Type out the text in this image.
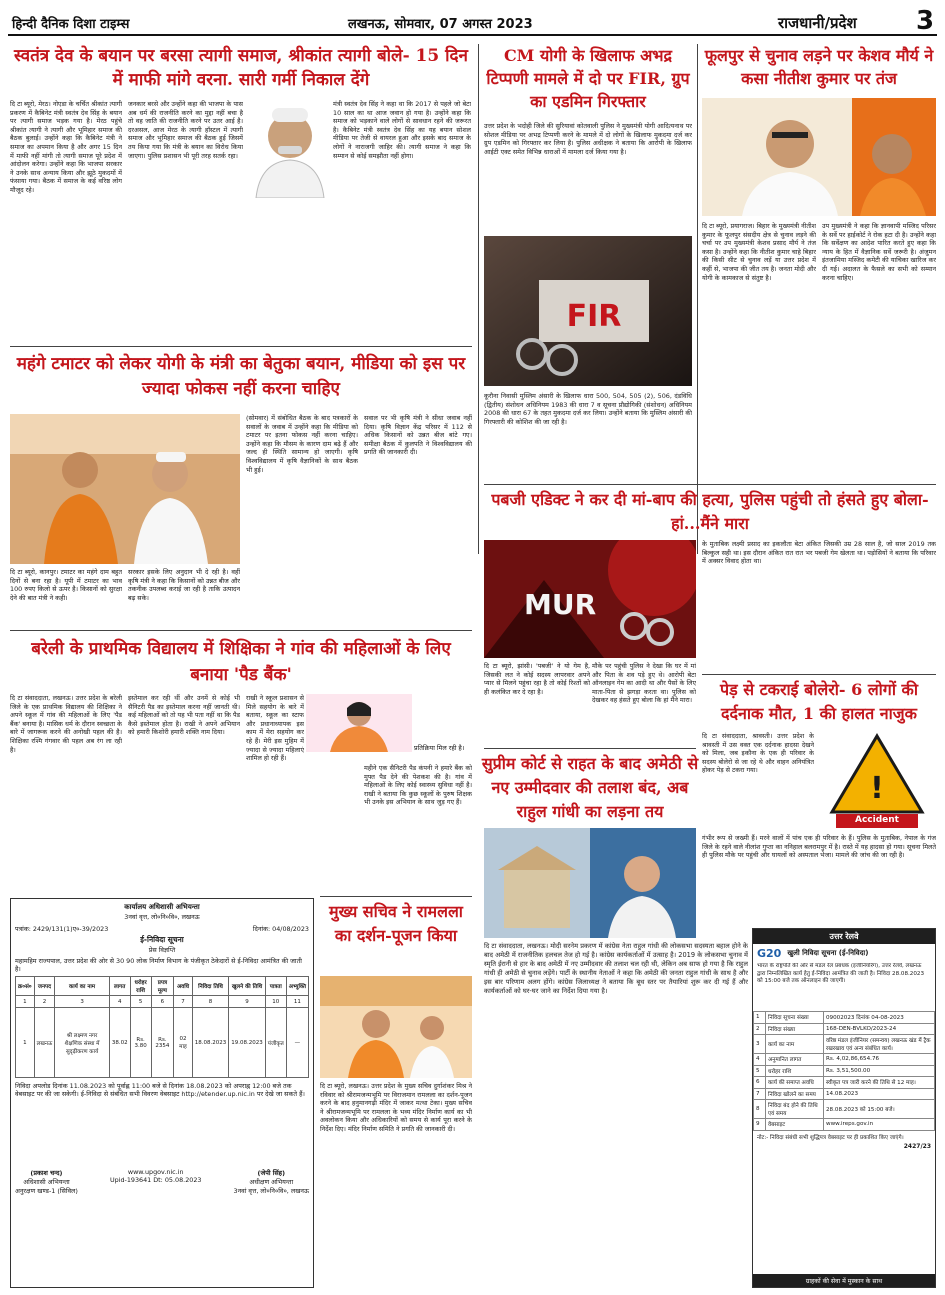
हिन्दी दैनिक दिशा टाइम्स	लखनऊ, सोमवार, 07 अगस्त 2023	राजधानी/प्रदेश 3
स्वतंत्र देव के बयान पर बरसा त्यागी समाज, श्रीकांत त्यागी बोले- 15 दिन में माफी मांगे वरना. सारी गर्मी निकाल देंगे
दि टा ब्यूरो, मेरठ। नोएडा के चर्चित श्रीकांत त्यागी प्रकरण में कैबिनेट मंत्री स्वतंत्र देव सिंह के बयान पर त्यागी समाज भड़क गया है। मेरठ पहुंचे श्रीकांत त्यागी ने त्यागी और भूमिहार समाज की बैठक बुलाई। उन्होंने कहा कि कैबिनेट मंत्री ने समाज का अपमान किया है और अगर 15 दिन में माफी नहीं मांगी तो त्यागी समाज पूरे प्रदेश में आंदोलन करेगा। उन्होंने कहा कि भाजपा सरकार ने उनके साथ अन्याय किया और झूठे मुकदमों में फंसाया गया। बैठक में समाज के कई वरिष्ठ लोग मौजूद रहे।
जनकार बरसे और उन्होंने कहा की भाजपा के पास अब धर्म की राजनीति करने का मुद्दा नहीं बचा है तो वह जाति की राजनीति करने पर उतर आई है। दरअसल, आज मेरठ के त्यागी हॉस्टल में त्यागी समाज और भूमिहार समाज की बैठक हुई जिसमें तय किया गया कि मंत्री के बयान का विरोध किया जाएगा। पुलिस प्रशासन भी पूरी तरह सतर्क रहा।
मंत्री स्वतंत्र देव सिंह ने कहा था कि 2017 से पहले जो बेटा 10 साल का था आज जवान हो गया है। उन्होंने कहा कि समाज को भड़काने वाले लोगों से सावधान रहने की जरूरत है। कैबिनेट मंत्री स्वतंत्र देव सिंह का यह बयान सोशल मीडिया पर तेजी से वायरल हुआ और इसके बाद समाज के लोगों ने नाराजगी जाहिर की। त्यागी समाज ने कहा कि सम्मान से कोई समझौता नहीं होगा।
CM योगी के खिलाफ अभद्र टिप्पणी मामले में दो पर FIR, ग्रुप का एडमिन गिरफ्तार
उत्तर प्रदेश के भदोही जिले की सुरियावां कोतवाली पुलिस ने मुख्यमंत्री योगी आदित्यनाथ पर सोशल मीडिया पर अभद्र टिप्पणी करने के मामले में दो लोगों के खिलाफ मुकदमा दर्ज कर ग्रुप एडमिन को गिरफ्तार कर लिया है। पुलिस अधीक्षक ने बताया कि आरोपी के खिलाफ आईटी एक्ट समेत विभिन्न धाराओं में मामला दर्ज किया गया है।
FIR
कूरौना निवासी मुस्लिम अंसारी के खिलाफ धारा 500, 504, 505 (2), 506, दंडविधि (द्वितीय) संशोधन अधिनियम 1983 की धारा 7 व सूचना प्रौद्योगिकी (संशोधन) अधिनियम 2008 की धारा 67 के तहत मुकदमा दर्ज कर लिया। उन्होंने बताया कि मुस्लिम अंसारी की गिरफ्तारी की कोशिश की जा रही है।
फूलपुर से चुनाव लड़ने पर केशव मौर्य ने कसा नीतीश कुमार पर तंज
दि टा ब्यूरो, प्रयागराज। बिहार के मुख्यमंत्री नीतीश कुमार के फूलपुर संसदीय क्षेत्र से चुनाव लड़ने की चर्चा पर उप मुख्यमंत्री केशव प्रसाद मौर्य ने तंज कसा है। उन्होंने कहा कि नीतीश कुमार चाहे बिहार की किसी सीट से चुनाव लड़ें या उत्तर प्रदेश में कहीं से, भाजपा की जीत तय है। जनता मोदी और योगी के कामकाज से संतुष्ट है।
उप मुख्यमंत्री ने कहा कि ज्ञानवापी मस्जिद परिसर के सर्वे पर हाईकोर्ट ने रोक हटा दी है। उन्होंने कहा कि सर्वेक्षण का आदेश पारित करते हुए कहा कि न्याय के हित में वैज्ञानिक सर्वे जरूरी है। अंजुमन इंतजामिया मस्जिद कमेटी की याचिका खारिज कर दी गई। अदालत के फैसले का सभी को सम्मान करना चाहिए।
महंगे टमाटर को लेकर योगी के मंत्री का बेतुका बयान, मीडिया को इस पर ज्यादा फोकस नहीं करना चाहिए
दि टा ब्यूरो, कानपुर। टमाटर का महंगे दाम बहुत दिनों से बना रहा है। यूपी में टमाटर का भाव 100 रुपए किलो से ऊपर है। किसानों को सुरक्षा देने की बात मंत्री ने कही।
सरकार इसके लिए अनुदान भी दे रही है। वहीं कृषि मंत्री ने कहा कि किसानों को उन्नत बीज और तकनीक उपलब्ध कराई जा रही है ताकि उत्पादन बढ़ सके।
(सोमवार) में संबोधित बैठक के बाद पत्रकारों के सवालों के जवाब में उन्होंने कहा कि मीडिया को टमाटर पर इतना फोकस नहीं करना चाहिए। उन्होंने कहा कि मौसम के कारण दाम बढ़े हैं और जल्द ही स्थिति सामान्य हो जाएगी। कृषि विश्वविद्यालय में कृषि वैज्ञानिकों के साथ बैठक भी हुई।
सवाल पर भी कृषि मंत्री ने सीधा जवाब नहीं दिया। कृषि विज्ञान केंद्र परिसर में 112 से अधिक किसानों को उन्नत बीज बांटे गए। समीक्षा बैठक में कुलपति ने विश्वविद्यालय की प्रगति की जानकारी दी।
पबजी एडिक्ट ने कर दी मां-बाप की हत्या, पुलिस पहुंची तो हंसते हुए बोला- हां...मैंने मारा
MUR
दि टा ब्यूरो, झांसी। 'पबजी' ने यो गेम है, जिसकी लत ने कोई सदस्य लापरवार अपने प्यार से मिलने पहुंचा रहा है तो कोई रिश्तों को ही कलंकित कर दे रहा है।
मौके पर पहुंची पुलिस ने देखा कि घर में मां और पिता के शव पड़े हुए थे। आरोपी बेटा ऑनलाइन गेम का आदी था और पैसों के लिए माता-पिता से झगड़ा करता था। पुलिस को देखकर वह हंसते हुए बोला कि हां मैंने मारा।
के मुताबिक लक्ष्मी प्रसाद का इकलौता बेटा अंकित जिसकी उम्र 28 साल है, जो साल 2019 तक बिल्कुल सही था। इस दौरान अंकित रात रात भर पबजी गेम खेलता था। पड़ोसियों ने बताया कि परिवार में अक्सर विवाद होता था।
बरेली के प्राथमिक विद्यालय में शिक्षिका ने गांव की महिलाओं के लिए बनाया 'पैड बैंक'
दि टा संवाददाता, लखनऊ। उत्तर प्रदेश के बरेली जिले के एक प्राथमिक विद्यालय की शिक्षिका ने अपने स्कूल में गांव की महिलाओं के लिए 'पैड बैंक' बनाया है। मासिक धर्म के दौरान स्वच्छता के बारे में जागरूक करने की अनोखी पहल की है। शिक्षिका रश्मि गंगवार की पहल अब रंग ला रही है।
इस्तेमाल कर रही थीं और उनमें से कोई भी सैनिटरी पैड का इस्तेमाल करना नहीं जानती थी। कई महिलाओं को तो यह भी पता नहीं था कि पैड कैसे इस्तेमाल होता है। राखी ने अपने अभियान को हमारी किशोरी हमारी शक्ति नाम दिया।
राखी ने स्कूल प्रशासन से मिले सहयोग के बारे में बताया, स्कूल का स्टाफ और प्रधानाध्यापक इस काम में मेरा सहयोग कर रहे हैं। मेरी इस मुहिम में ज्यादा से ज्यादा महिलाएं शामिल हो रही हैं।
प्रतिक्रिया मिल रही है।
महीने एक सैनिटरी पैड कंपनी ने हमारे बैंक को मुफ्त पैड देने की पेशकश की है। गांव में महिलाओं के लिए कोई स्वास्थ्य सुविधा नहीं है। राखी ने बताया कि कुछ स्कूलों के पुरुष शिक्षक भी उनके इस अभियान के साथ जुड़ गए हैं।
पेड़ से टकराई बोलेरो- 6 लोगों की दर्दनाक मौत, 1 की हालत नाजुक
दि टा संवाददाता, श्रावस्ती। उत्तर प्रदेश के श्रावस्ती में उस वक्त एक दर्दनाक हादसा देखने को मिला, जब इकौना के एक ही परिवार के सदस्य बोलेरो से जा रहे थे और वाहन अनियंत्रित होकर पेड़ से टकरा गया।
!
Accident
गंभीर रूप से जख्मी हैं। मरने वालों में पांच एक ही परिवार के हैं। पुलिस के मुताबिक, नेपाल के गंज जिले के रहने वाले नीलांश गुप्ता का ननिहाल बलरामपुर में है। रास्ते में यह हादसा हो गया। सूचना मिलते ही पुलिस मौके पर पहुंची और घायलों को अस्पताल भेजा। मामले की जांच की जा रही है।
सुप्रीम कोर्ट से राहत के बाद अमेठी से नए उम्मीदवार की तलाश बंद, अब राहुल गांधी का लड़ना तय
दि टा संवाददाता, लखनऊ। मोदी सरनेम प्रकरण में कांग्रेस नेता राहुल गांधी की लोकसभा सदस्यता बहाल होने के बाद अमेठी में राजनीतिक हलचल तेज हो गई है। कांग्रेस कार्यकर्ताओं में उत्साह है। 2019 के लोकसभा चुनाव में स्मृति ईरानी से हार के बाद अमेठी में नए उम्मीदवार की तलाश चल रही थी, लेकिन अब साफ हो गया है कि राहुल गांधी ही अमेठी से चुनाव लड़ेंगे। पार्टी के स्थानीय नेताओं ने कहा कि अमेठी की जनता राहुल गांधी के साथ है और इस बार परिणाम अलग होंगे। कांग्रेस जिलाध्यक्ष ने बताया कि बूथ स्तर पर तैयारियां शुरू कर दी गई हैं और कार्यकर्ताओं को घर-घर जाने का निर्देश दिया गया है।
मुख्य सचिव ने रामलला का दर्शन-पूजन किया
दि टा ब्यूरो, लखनऊ। उत्तर प्रदेश के मुख्य सचिव दुर्गाशंकर मिश्र ने रविवार को श्रीरामजन्मभूमि पर विराजमान रामलला का दर्शन-पूजन करने के बाद हनुमानगढ़ी मंदिर में जाकर मत्था टेका। मुख्य सचिव ने श्रीरामजन्मभूमि पर रामलला के भव्य मंदिर निर्माण कार्य का भी अवलोकन किया और अधिकारियों को समय से कार्य पूरा करने के निर्देश दिए। मंदिर निर्माण समिति ने प्रगति की जानकारी दी।
कार्यालय अधिशासी अभियन्ता
3नवां वृत्त, लो०नि०वि०, लखनऊ
पत्रांक: 2429/131(1)ए०-39/2023	दिनांक: 04/08/2023
ई-निविदा सूचना
प्रेस विज्ञप्ति
महामहिम राज्यपाल, उत्तर प्रदेश की ओर से 30 90 लोक निर्माण विभाग के पंजीकृत ठेकेदारों से ई-निविदा आमंत्रित की जाती है।
क्र०सं०	जनपद	कार्य का नाम	लागत	धरोहर राशि	प्रपत्र मूल्य	अवधि	निविदा तिथि	खुलने की तिथि	पात्रता	अभ्युक्ति
1	2	3	4	5	6	7	8	9	10	11
1	लखनऊ	श्री लक्ष्मण नगर शैक्षणिक संस्था में सुदृढ़ीकरण कार्य	38.02	Rs. 3.80	Rs. 2354	02 माह	18.08.2023	19.08.2023	पंजीकृत	—
निविदा अपलोड दिनांक 11.08.2023 को पूर्वाह्न 11:00 बजे से दिनांक 18.08.2023 को अपराह्न 12:00 बजे तक वेबसाइट पर की जा सकेगी। ई-निविदा से संबंधित सभी विवरण वेबसाइट http://etender.up.nic.in पर देखे जा सकते हैं।
(प्रकाश चन्द)
अधिशासी अभियन्ता
अनुरक्षण खण्ड-1 (सिविल)
www.upgov.nic.in
Upid-193641 Dt: 05.08.2023
(जेपी सिंह)
अधीक्षण अभियन्ता
3नवां वृत्त, लो०नि०वि०, लखनऊ
उत्तर रेलवे
G20 खुली निविदा सूचना (ई-निविदा)
भारत के राष्ट्रपति की ओर से मंडल रेल प्रबंधक (इंजीनियरिंग), उत्तर रेलवे, लखनऊ द्वारा निम्नलिखित कार्य हेतु ई-निविदा आमंत्रित की जाती है। निविदा 28.08.2023 को 15:00 बजे तक ऑनलाइन की जाएगी।
1	निविदा सूचना संख्या	09002023 दिनांक 04-08-2023
2	निविदा संख्या	168-DEN-BVLKO/2023-24
3	कार्य का नाम	वरिष्ठ मंडल इंजीनियर (समन्वय) लखनऊ खंड में ट्रैक रखरखाव एवं अन्य संबंधित कार्य।
4	अनुमानित लागत	Rs. 4,02,86,654.76
5	धरोहर राशि	Rs. 3,51,500.00
6	कार्य की समाप्त अवधि	स्वीकृत पत्र जारी करने की तिथि से 12 माह।
7	निविदा खोलने का समय	14.08.2023
8	निविदा बंद होने की तिथि एवं समय	28.08.2023 को 15:00 बजे।
9	वेबसाइट	www.ireps.gov.in
नोट:- निविदा संबंधी सभी शुद्धिपत्र वेबसाइट पर ही प्रकाशित किए जाएंगे।
2427/23
ग्राहकों की सेवा में मुस्कान के साथ
